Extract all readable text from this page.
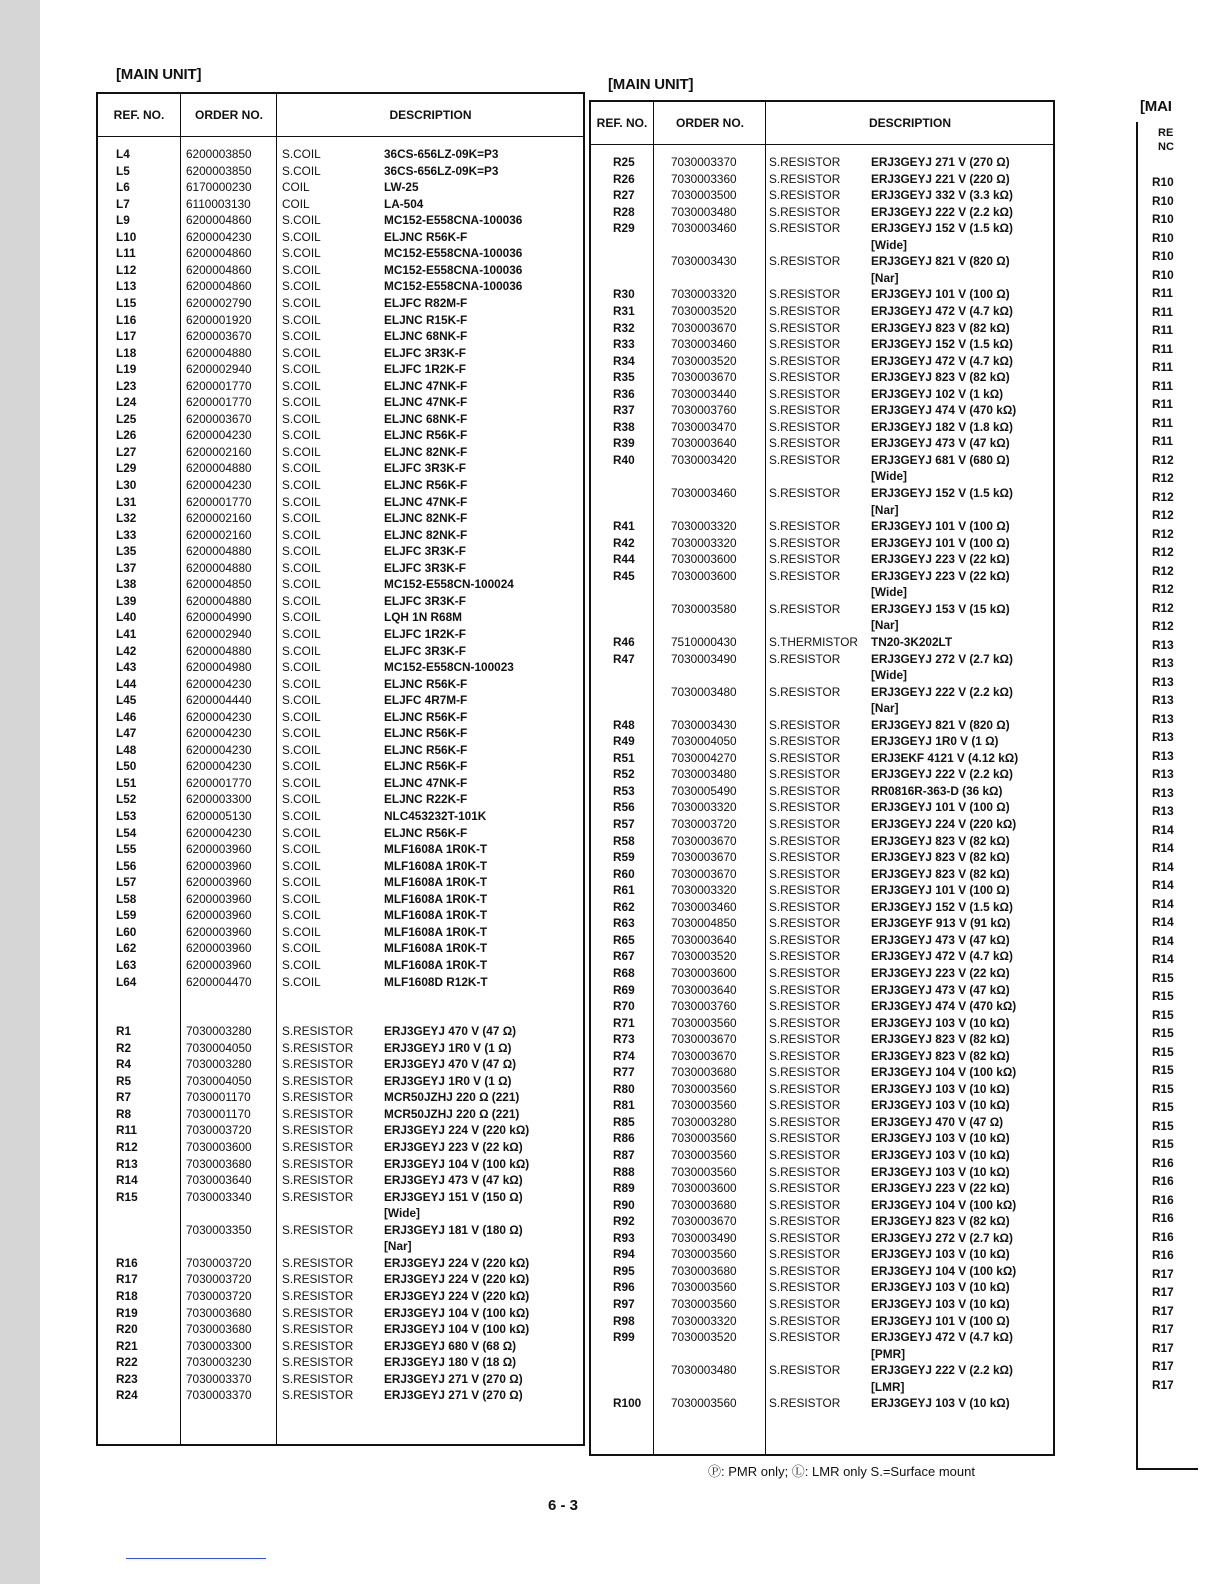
[MAIN UNIT]
REF. NO.	ORDER NO.	DESCRIPTION
L4	6200003850	S.COIL	36CS-656LZ-09K=P3
L5	6200003850	S.COIL	36CS-656LZ-09K=P3
L6	6170000230	COIL	LW-25
L7	6110003130	COIL	LA-504
L9	6200004860	S.COIL	MC152-E558CNA-100036
L10	6200004230	S.COIL	ELJNC R56K-F
L11	6200004860	S.COIL	MC152-E558CNA-100036
L12	6200004860	S.COIL	MC152-E558CNA-100036
L13	6200004860	S.COIL	MC152-E558CNA-100036
L15	6200002790	S.COIL	ELJFC R82M-F
L16	6200001920	S.COIL	ELJNC R15K-F
L17	6200003670	S.COIL	ELJNC 68NK-F
L18	6200004880	S.COIL	ELJFC 3R3K-F
L19	6200002940	S.COIL	ELJFC 1R2K-F
L23	6200001770	S.COIL	ELJNC 47NK-F
L24	6200001770	S.COIL	ELJNC 47NK-F
L25	6200003670	S.COIL	ELJNC 68NK-F
L26	6200004230	S.COIL	ELJNC R56K-F
L27	6200002160	S.COIL	ELJNC 82NK-F
L29	6200004880	S.COIL	ELJFC 3R3K-F
L30	6200004230	S.COIL	ELJNC R56K-F
L31	6200001770	S.COIL	ELJNC 47NK-F
L32	6200002160	S.COIL	ELJNC 82NK-F
L33	6200002160	S.COIL	ELJNC 82NK-F
L35	6200004880	S.COIL	ELJFC 3R3K-F
L37	6200004880	S.COIL	ELJFC 3R3K-F
L38	6200004850	S.COIL	MC152-E558CN-100024
L39	6200004880	S.COIL	ELJFC 3R3K-F
L40	6200004990	S.COIL	LQH 1N R68M
L41	6200002940	S.COIL	ELJFC 1R2K-F
L42	6200004880	S.COIL	ELJFC 3R3K-F
L43	6200004980	S.COIL	MC152-E558CN-100023
L44	6200004230	S.COIL	ELJNC R56K-F
L45	6200004440	S.COIL	ELJFC 4R7M-F
L46	6200004230	S.COIL	ELJNC R56K-F
L47	6200004230	S.COIL	ELJNC R56K-F
L48	6200004230	S.COIL	ELJNC R56K-F
L50	6200004230	S.COIL	ELJNC R56K-F
L51	6200001770	S.COIL	ELJNC 47NK-F
L52	6200003300	S.COIL	ELJNC R22K-F
L53	6200005130	S.COIL	NLC453232T-101K
L54	6200004230	S.COIL	ELJNC R56K-F
L55	6200003960	S.COIL	MLF1608A 1R0K-T
L56	6200003960	S.COIL	MLF1608A 1R0K-T
L57	6200003960	S.COIL	MLF1608A 1R0K-T
L58	6200003960	S.COIL	MLF1608A 1R0K-T
L59	6200003960	S.COIL	MLF1608A 1R0K-T
L60	6200003960	S.COIL	MLF1608A 1R0K-T
L62	6200003960	S.COIL	MLF1608A 1R0K-T
L63	6200003960	S.COIL	MLF1608A 1R0K-T
L64	6200004470	S.COIL	MLF1608D R12K-T
R1	7030003280	S.RESISTOR	ERJ3GEYJ 470 V (47 Ω)
R2	7030004050	S.RESISTOR	ERJ3GEYJ 1R0 V (1 Ω)
R4	7030003280	S.RESISTOR	ERJ3GEYJ 470 V (47 Ω)
R5	7030004050	S.RESISTOR	ERJ3GEYJ 1R0 V (1 Ω)
R7	7030001170	S.RESISTOR	MCR50JZHJ 220 Ω (221)
R8	7030001170	S.RESISTOR	MCR50JZHJ 220 Ω (221)
R11	7030003720	S.RESISTOR	ERJ3GEYJ 224 V (220 kΩ)
R12	7030003600	S.RESISTOR	ERJ3GEYJ 223 V (22 kΩ)
R13	7030003680	S.RESISTOR	ERJ3GEYJ 104 V (100 kΩ)
R14	7030003640	S.RESISTOR	ERJ3GEYJ 473 V (47 kΩ)
R15	7030003340	S.RESISTOR	ERJ3GEYJ 151 V (150 Ω)
[Wide]
7030003350	S.RESISTOR	ERJ3GEYJ 181 V (180 Ω)
[Nar]
R16	7030003720	S.RESISTOR	ERJ3GEYJ 224 V (220 kΩ)
R17	7030003720	S.RESISTOR	ERJ3GEYJ 224 V (220 kΩ)
R18	7030003720	S.RESISTOR	ERJ3GEYJ 224 V (220 kΩ)
R19	7030003680	S.RESISTOR	ERJ3GEYJ 104 V (100 kΩ)
R20	7030003680	S.RESISTOR	ERJ3GEYJ 104 V (100 kΩ)
R21	7030003300	S.RESISTOR	ERJ3GEYJ 680 V (68 Ω)
R22	7030003230	S.RESISTOR	ERJ3GEYJ 180 V (18 Ω)
R23	7030003370	S.RESISTOR	ERJ3GEYJ 271 V (270 Ω)
R24	7030003370	S.RESISTOR	ERJ3GEYJ 271 V (270 Ω)
[MAIN UNIT]
REF. NO.	ORDER NO.	DESCRIPTION
R25	7030003370	S.RESISTOR	ERJ3GEYJ 271 V (270 Ω)
R26	7030003360	S.RESISTOR	ERJ3GEYJ 221 V (220 Ω)
R27	7030003500	S.RESISTOR	ERJ3GEYJ 332 V (3.3 kΩ)
R28	7030003480	S.RESISTOR	ERJ3GEYJ 222 V (2.2 kΩ)
R29	7030003460	S.RESISTOR	ERJ3GEYJ 152 V (1.5 kΩ)
[Wide]
7030003430	S.RESISTOR	ERJ3GEYJ 821 V (820 Ω)
[Nar]
R30	7030003320	S.RESISTOR	ERJ3GEYJ 101 V (100 Ω)
R31	7030003520	S.RESISTOR	ERJ3GEYJ 472 V (4.7 kΩ)
R32	7030003670	S.RESISTOR	ERJ3GEYJ 823 V (82 kΩ)
R33	7030003460	S.RESISTOR	ERJ3GEYJ 152 V (1.5 kΩ)
R34	7030003520	S.RESISTOR	ERJ3GEYJ 472 V (4.7 kΩ)
R35	7030003670	S.RESISTOR	ERJ3GEYJ 823 V (82 kΩ)
R36	7030003440	S.RESISTOR	ERJ3GEYJ 102 V (1 kΩ)
R37	7030003760	S.RESISTOR	ERJ3GEYJ 474 V (470 kΩ)
R38	7030003470	S.RESISTOR	ERJ3GEYJ 182 V (1.8 kΩ)
R39	7030003640	S.RESISTOR	ERJ3GEYJ 473 V (47 kΩ)
R40	7030003420	S.RESISTOR	ERJ3GEYJ 681 V (680 Ω)
[Wide]
7030003460	S.RESISTOR	ERJ3GEYJ 152 V (1.5 kΩ)
[Nar]
R41	7030003320	S.RESISTOR	ERJ3GEYJ 101 V (100 Ω)
R42	7030003320	S.RESISTOR	ERJ3GEYJ 101 V (100 Ω)
R44	7030003600	S.RESISTOR	ERJ3GEYJ 223 V (22 kΩ)
R45	7030003600	S.RESISTOR	ERJ3GEYJ 223 V (22 kΩ)
[Wide]
7030003580	S.RESISTOR	ERJ3GEYJ 153 V (15 kΩ)
[Nar]
R46	7510000430	S.THERMISTOR TN20-3K202LT
R47	7030003490	S.RESISTOR	ERJ3GEYJ 272 V (2.7 kΩ)
[Wide]
7030003480	S.RESISTOR	ERJ3GEYJ 222 V (2.2 kΩ)
[Nar]
R48	7030003430	S.RESISTOR	ERJ3GEYJ 821 V (820 Ω)
R49	7030004050	S.RESISTOR	ERJ3GEYJ 1R0 V (1 Ω)
R51	7030004270	S.RESISTOR	ERJ3EKF 4121 V (4.12 kΩ)
R52	7030003480	S.RESISTOR	ERJ3GEYJ 222 V (2.2 kΩ)
R53	7030005490	S.RESISTOR	RR0816R-363-D (36 kΩ)
R56	7030003320	S.RESISTOR	ERJ3GEYJ 101 V (100 Ω)
R57	7030003720	S.RESISTOR	ERJ3GEYJ 224 V (220 kΩ)
R58	7030003670	S.RESISTOR	ERJ3GEYJ 823 V (82 kΩ)
R59	7030003670	S.RESISTOR	ERJ3GEYJ 823 V (82 kΩ)
R60	7030003670	S.RESISTOR	ERJ3GEYJ 823 V (82 kΩ)
R61	7030003320	S.RESISTOR	ERJ3GEYJ 101 V (100 Ω)
R62	7030003460	S.RESISTOR	ERJ3GEYJ 152 V (1.5 kΩ)
R63	7030004850	S.RESISTOR	ERJ3GEYF 913 V (91 kΩ)
R65	7030003640	S.RESISTOR	ERJ3GEYJ 473 V (47 kΩ)
R67	7030003520	S.RESISTOR	ERJ3GEYJ 472 V (4.7 kΩ)
R68	7030003600	S.RESISTOR	ERJ3GEYJ 223 V (22 kΩ)
R69	7030003640	S.RESISTOR	ERJ3GEYJ 473 V (47 kΩ)
R70	7030003760	S.RESISTOR	ERJ3GEYJ 474 V (470 kΩ)
R71	7030003560	S.RESISTOR	ERJ3GEYJ 103 V (10 kΩ)
R73	7030003670	S.RESISTOR	ERJ3GEYJ 823 V (82 kΩ)
R74	7030003670	S.RESISTOR	ERJ3GEYJ 823 V (82 kΩ)
R77	7030003680	S.RESISTOR	ERJ3GEYJ 104 V (100 kΩ)
R80	7030003560	S.RESISTOR	ERJ3GEYJ 103 V (10 kΩ)
R81	7030003560	S.RESISTOR	ERJ3GEYJ 103 V (10 kΩ)
R85	7030003280	S.RESISTOR	ERJ3GEYJ 470 V (47 Ω)
R86	7030003560	S.RESISTOR	ERJ3GEYJ 103 V (10 kΩ)
R87	7030003560	S.RESISTOR	ERJ3GEYJ 103 V (10 kΩ)
R88	7030003560	S.RESISTOR	ERJ3GEYJ 103 V (10 kΩ)
R89	7030003600	S.RESISTOR	ERJ3GEYJ 223 V (22 kΩ)
R90	7030003680	S.RESISTOR	ERJ3GEYJ 104 V (100 kΩ)
R92	7030003670	S.RESISTOR	ERJ3GEYJ 823 V (82 kΩ)
R93	7030003490	S.RESISTOR	ERJ3GEYJ 272 V (2.7 kΩ)
R94	7030003560	S.RESISTOR	ERJ3GEYJ 103 V (10 kΩ)
R95	7030003680	S.RESISTOR	ERJ3GEYJ 104 V (100 kΩ)
R96	7030003560	S.RESISTOR	ERJ3GEYJ 103 V (10 kΩ)
R97	7030003560	S.RESISTOR	ERJ3GEYJ 103 V (10 kΩ)
R98	7030003320	S.RESISTOR	ERJ3GEYJ 101 V (100 Ω)
R99	7030003520	S.RESISTOR	ERJ3GEYJ 472 V (4.7 kΩ)
[PMR]
7030003480	S.RESISTOR	ERJ3GEYJ 222 V (2.2 kΩ)
[LMR]
R100	7030003560	S.RESISTOR	ERJ3GEYJ 103 V (10 kΩ)
[MAI
RE NC
R10
R10
R10
R10
R10
R10
R11
R11
R11
R11
R11
R11
R11
R11
R11
R12
R12
R12
R12
R12
R12
R12
R12
R12
R12
R13
R13
R13
R13
R13
R13
R13
R13
R13
R13
R14
R14
R14
R14
R14
R14
R14
R14
R15
R15
R15
R15
R15
R15
R15
R15
R15
R15
R16
R16
R16
R16
R16
R16
R17
R17
R17
R17
R17
R17
R17
Ⓟ: PMR only; Ⓛ: LMR only S.=Surface mount
6 - 3
